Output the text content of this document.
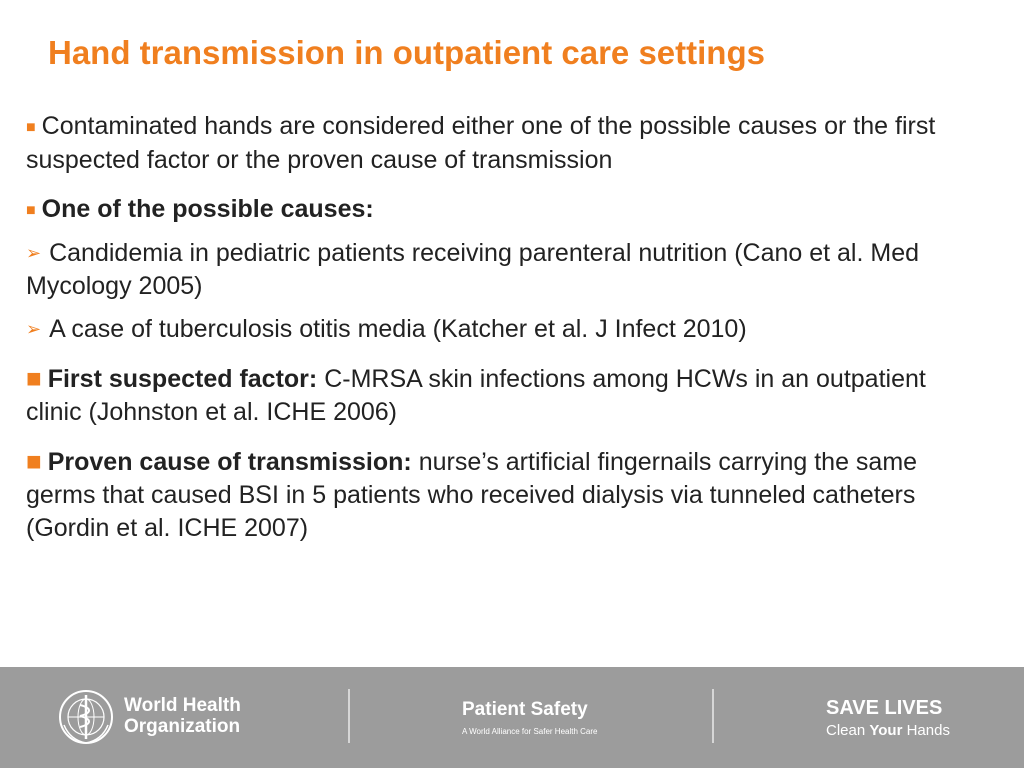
Hand transmission in outpatient care settings

■ Contaminated hands are considered either one of the possible causes or the first suspected factor or the proven cause of transmission

■ One of the possible causes:

➢ Candidemia in pediatric patients receiving parenteral nutrition (Cano et al. Med Mycology 2005)

➢ A case of tuberculosis otitis media (Katcher et al. J Infect 2010)

■ First suspected factor: C-MRSA skin infections among HCWs in an outpatient clinic (Johnston et al. ICHE 2006)

■ Proven cause of transmission: nurse’s artificial fingernails carrying the same germs that caused BSI in 5 patients who received dialysis via tunneled catheters (Gordin et al. ICHE 2007)

World Health
Organization
Patient Safety
A World Alliance for Safer Health Care
SAVE LIVES
Clean Your Hands
